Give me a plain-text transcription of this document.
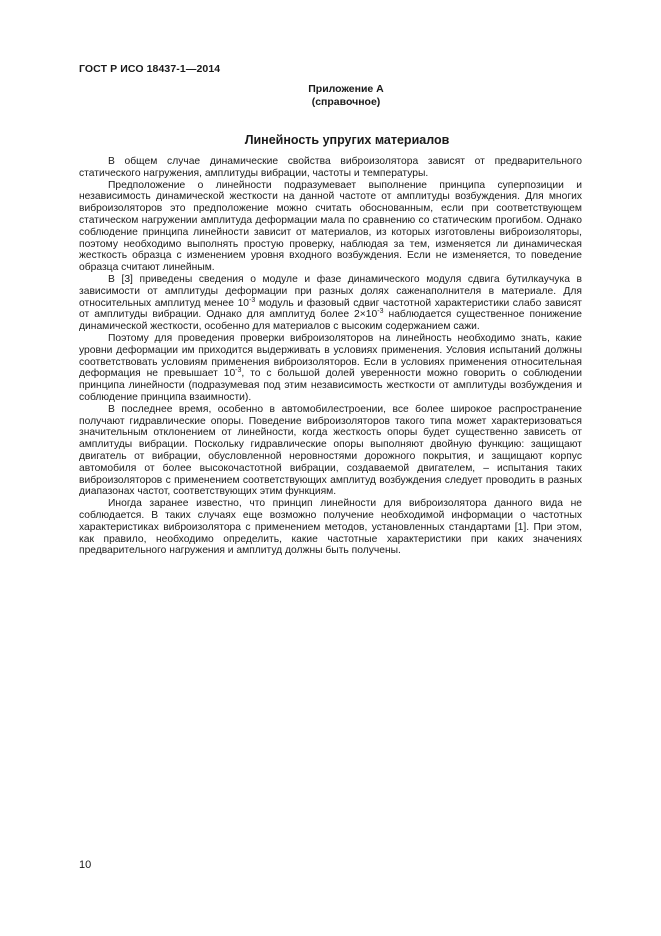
ГОСТ Р ИСО 18437-1—2014
Приложение А
(справочное)
Линейность упругих материалов

В общем случае динамические свойства виброизолятора зависят от предварительного статического нагружения, амплитуды вибрации, частоты и температуры.

Предположение о линейности подразумевает выполнение принципа суперпозиции и независимость динамической жесткости на данной частоте от амплитуды возбуждения. Для многих виброизоляторов это предположение можно считать обоснованным, если при соответствующем статическом нагружении амплитуда деформации мала по сравнению со статическим прогибом. Однако соблюдение принципа линейности зависит от материалов, из которых изготовлены виброизоляторы, поэтому необходимо выполнять простую проверку, наблюдая за тем, изменяется ли динамическая жесткость образца с изменением уровня входного возбуждения. Если не изменяется, то поведение образца считают линейным.

В [3] приведены сведения о модуле и фазе динамического модуля сдвига бутилкаучука в зависимости от амплитуды деформации при разных долях саженаполнителя в материале. Для относительных амплитуд менее $10^{-3}$ модуль и фазовый сдвиг частотной характеристики слабо зависят от амплитуды вибрации. Однако для амплитуд более $2\times 10^{-3}$ наблюдается существенное понижение динамической жесткости, особенно для материалов с высоким содержанием сажи.

Поэтому для проведения проверки виброизоляторов на линейность необходимо знать, какие уровни деформации им приходится выдерживать в условиях применения. Условия испытаний должны соответствовать условиям применения виброизоляторов. Если в условиях применения относительная деформация не превышает $10^{-3}$, то с большой долей уверенности можно говорить о соблюдении принципа линейности (подразумевая под этим независимость жесткости от амплитуды возбуждения и соблюдение принципа взаимности).

В последнее время, особенно в автомобилестроении, все более широкое распространение получают гидравлические опоры. Поведение виброизоляторов такого типа может характеризоваться значительным отклонением от линейности, когда жесткость опоры будет существенно зависеть от амплитуды вибрации. Поскольку гидравлические опоры выполняют двойную функцию: защищают двигатель от вибрации, обусловленной неровностями дорожного покрытия, и защищают корпус автомобиля от более высокочастотной вибрации, создаваемой двигателем, – испытания таких виброизоляторов с применением соответствующих амплитуд возбуждения следует проводить в разных диапазонах частот, соответствующих этим функциям.

Иногда заранее известно, что принцип линейности для виброизолятора данного вида не соблюдается. В таких случаях еще возможно получение необходимой информации о частотных характеристиках виброизолятора с применением методов, установленных стандартами [1]. При этом, как правило, необходимо определить, какие частотные характеристики при каких значениях предварительного нагружения и амплитуд должны быть получены.

10
